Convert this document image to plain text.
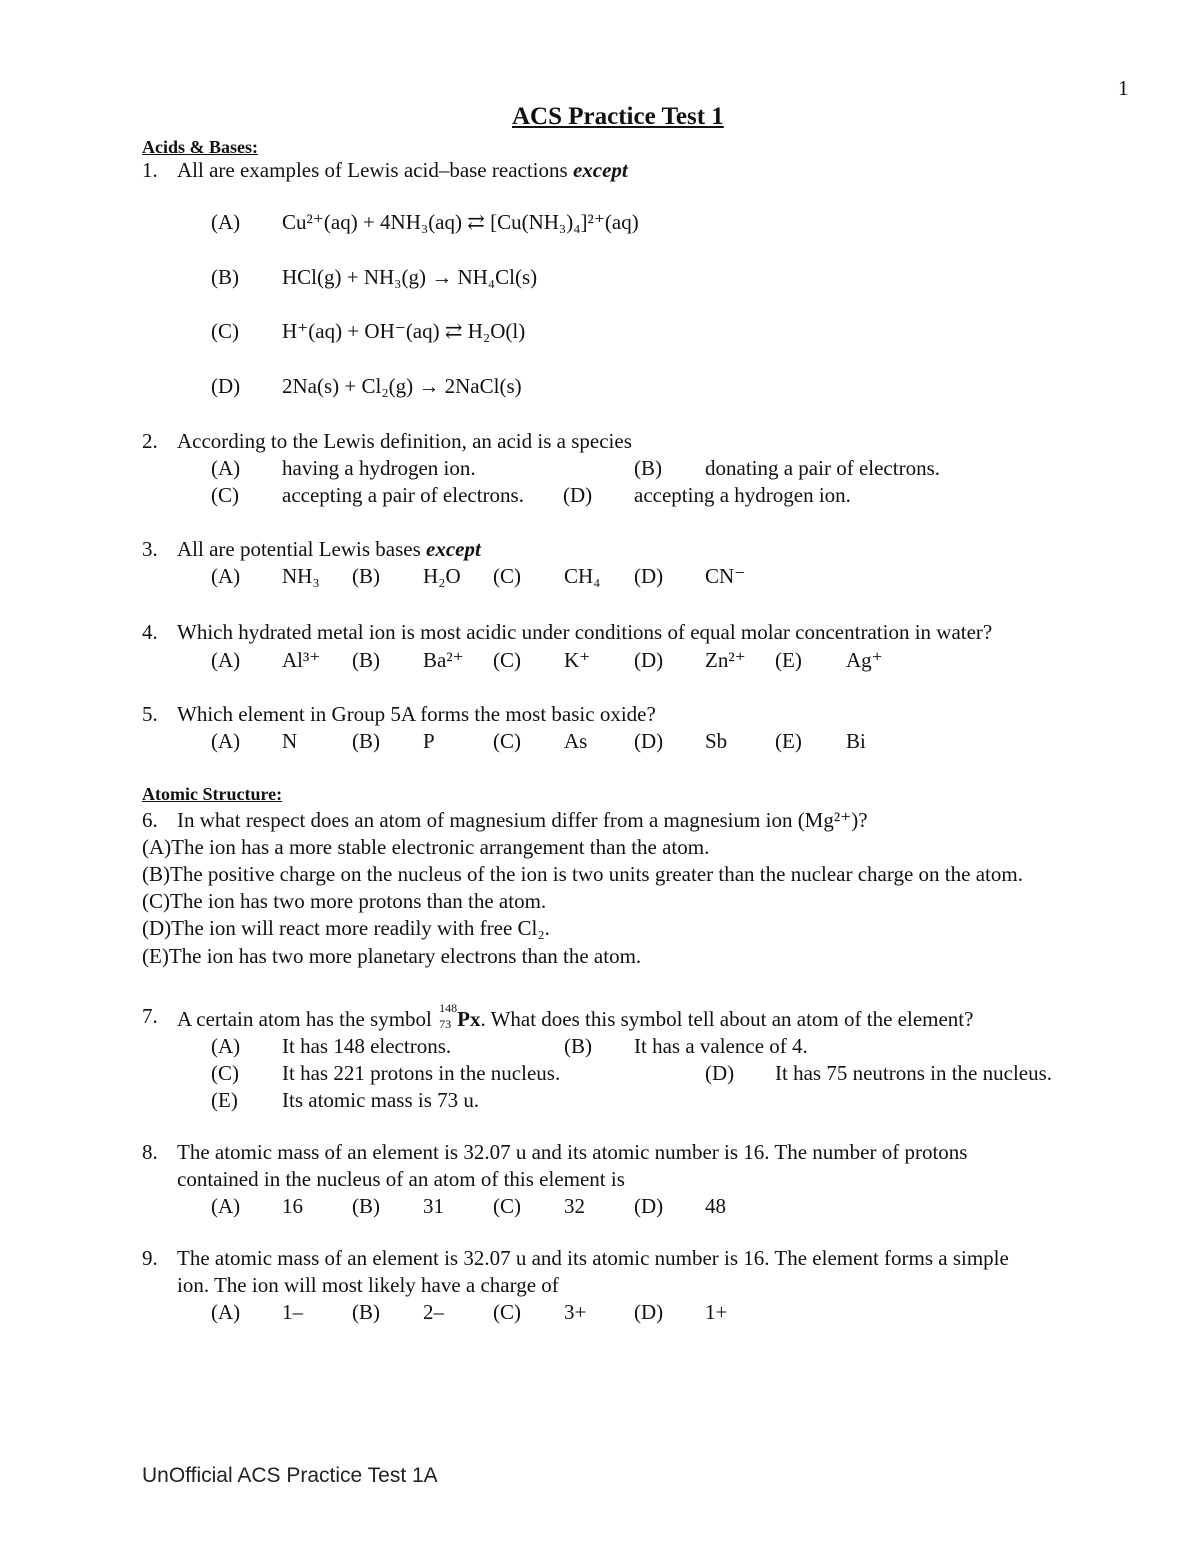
1
ACS Practice Test 1
Acids & Bases:
1. All are examples of Lewis acid–base reactions except
(A) Cu²⁺(aq) + 4NH₃(aq) ⇄ [Cu(NH₃)₄]²⁺(aq)
(B) HCl(g) + NH₃(g) → NH₄Cl(s)
(C) H⁺(aq) + OH⁻(aq) ⇄ H₂O(l)
(D) 2Na(s) + Cl₂(g) → 2NaCl(s)
2. According to the Lewis definition, an acid is a species
(A) having a hydrogen ion.	(B) donating a pair of electrons.
(C) accepting a pair of electrons. (D) accepting a hydrogen ion.
3. All are potential Lewis bases except
(A) NH₃ (B) H₂O (C) CH₄ (D) CN⁻
4. Which hydrated metal ion is most acidic under conditions of equal molar concentration in water?
(A) Al³⁺ (B) Ba²⁺ (C) K⁺ (D) Zn²⁺ (E) Ag⁺
5. Which element in Group 5A forms the most basic oxide?
(A) N	(B) P	(C) As (D) Sb (E) Bi
Atomic Structure:
6. In what respect does an atom of magnesium differ from a magnesium ion (Mg²⁺)?
(A)The ion has a more stable electronic arrangement than the atom.
(B)The positive charge on the nucleus of the ion is two units greater than the nuclear charge on the atom.
(C)The ion has two more protons than the atom.
(D)The ion will react more readily with free Cl₂.
(E)The ion has two more planetary electrons than the atom.
7. A certain atom has the symbol 148
73 Px. What does this symbol tell about an atom of the element?
(A) It has 148 electrons.	(B) It has a valence of 4.
(C) It has 221 protons in the nucleus.	(D) It has 75 neutrons in the nucleus.
(E) Its atomic mass is 73 u.
8. The atomic mass of an element is 32.07 u and its atomic number is 16. The number of protons
contained in the nucleus of an atom of this element is
(A) 16 (B) 31 (C) 32 (D) 48
9. The atomic mass of an element is 32.07 u and its atomic number is 16. The element forms a simple
ion. The ion will most likely have a charge of
(A) 1– (B) 2– (C) 3+ (D) 1+
UnOfficial ACS Practice Test 1A
